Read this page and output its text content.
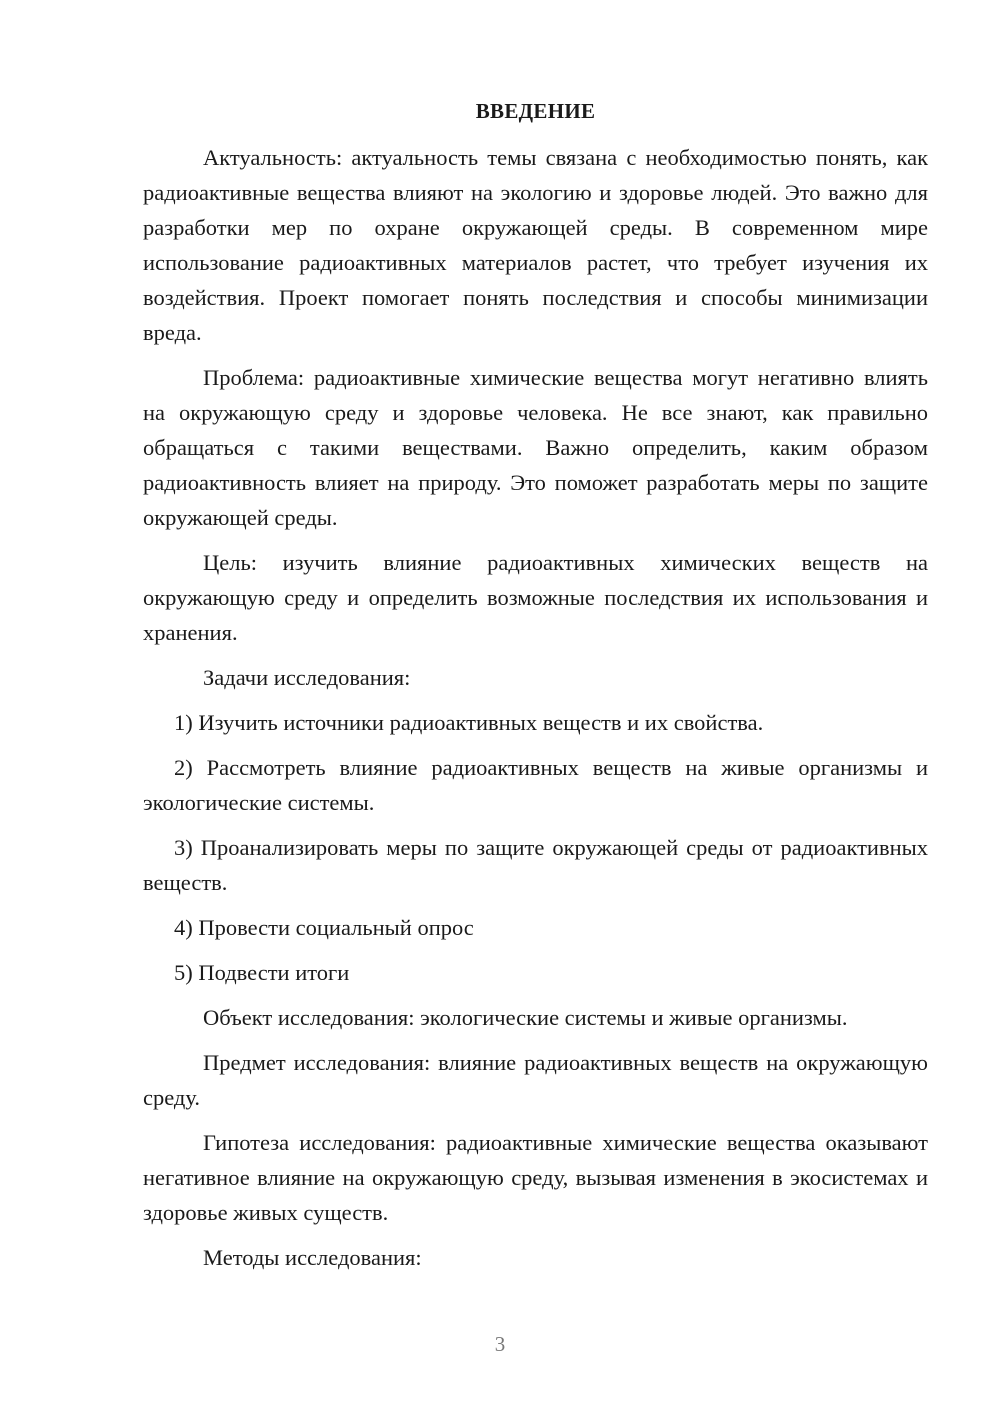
ВВЕДЕНИЕ
Актуальность: актуальность темы связана с необходимостью понять, как радиоактивные вещества влияют на экологию и здоровье людей. Это важно для разработки мер по охране окружающей среды. В современном мире использование радиоактивных материалов растет, что требует изучения их воздействия. Проект помогает понять последствия и способы минимизации вреда.
Проблема: радиоактивные химические вещества могут негативно влиять на окружающую среду и здоровье человека. Не все знают, как правильно обращаться с такими веществами. Важно определить, каким образом радиоактивность влияет на природу. Это поможет разработать меры по защите окружающей среды.
Цель: изучить влияние радиоактивных химических веществ на окружающую среду и определить возможные последствия их использования и хранения.
Задачи исследования:
1) Изучить источники радиоактивных веществ и их свойства.
2) Рассмотреть влияние радиоактивных веществ на живые организмы и экологические системы.
3) Проанализировать меры по защите окружающей среды от радиоактивных веществ.
4) Провести социальный опрос
5) Подвести итоги
Объект исследования: экологические системы и живые организмы.
Предмет исследования: влияние радиоактивных веществ на окружающую среду.
Гипотеза исследования: радиоактивные химические вещества оказывают негативное влияние на окружающую среду, вызывая изменения в экосистемах и здоровье живых существ.
Методы исследования:
3
